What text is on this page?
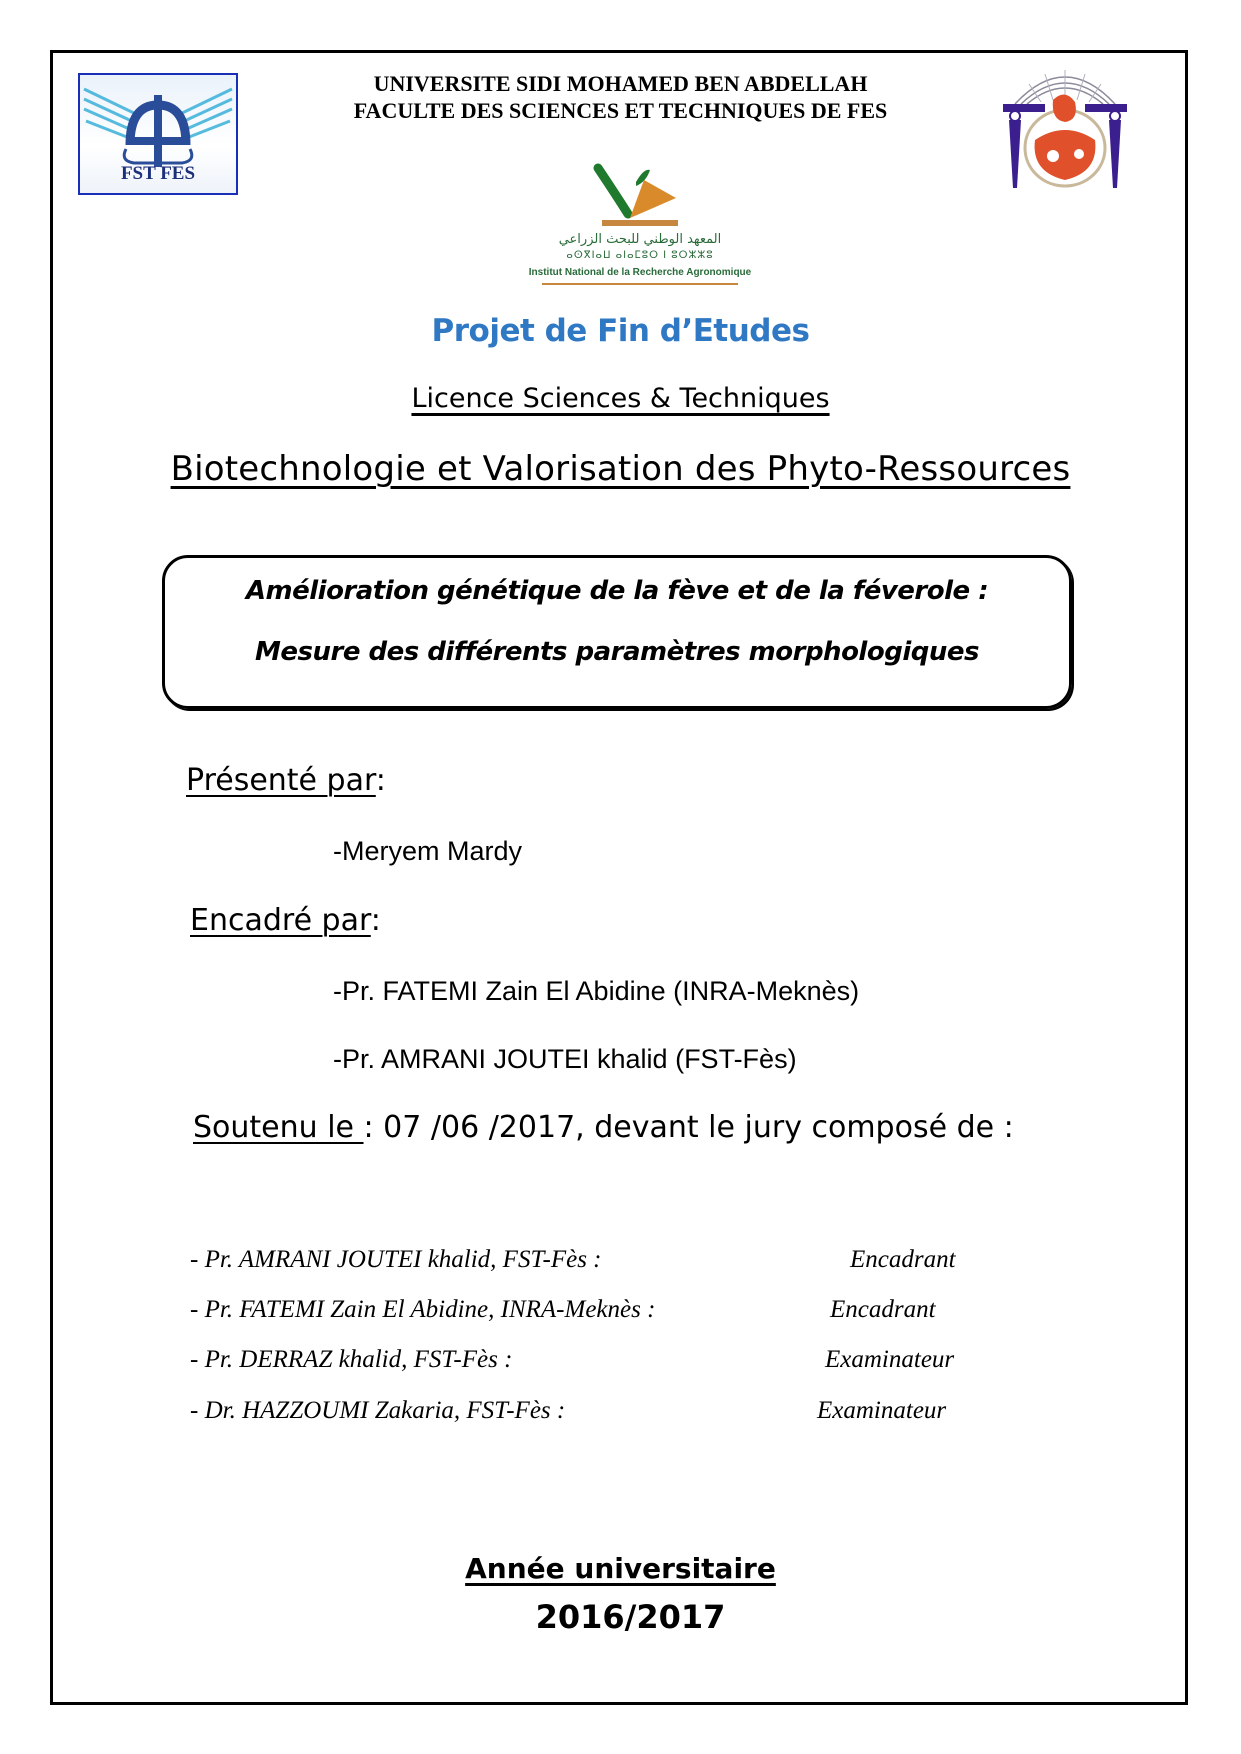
UNIVERSITE SIDI MOHAMED BEN ABDELLAH
FACULTE DES SCIENCES ET TECHNIQUES DE FES
FST FES
المعهد الوطني للبحث الزراعي
ⴰⵙⴳⵏⴰⵡ ⴰⵏⴰⵎⵓⵔ ⵏ ⵓⵔⵣⵣⵓ
Institut National de la Recherche Agronomique
Projet de Fin d’Etudes
Licence Sciences & Techniques
Biotechnologie et Valorisation des Phyto-Ressources
Amélioration génétique de la fève et de la féverole :
Mesure des différents paramètres morphologiques
Présenté par:
-Meryem Mardy
Encadré par:
-Pr. FATEMI Zain El Abidine (INRA-Meknès)
-Pr. AMRANI JOUTEI khalid (FST-Fès)
Soutenu le : 07 /06 /2017, devant le jury composé de :
- Pr. AMRANI JOUTEI khalid, FST-Fès :	Encadrant
- Pr. FATEMI Zain El Abidine, INRA-Meknès :	Encadrant
- Pr. DERRAZ khalid, FST-Fès :	Examinateur
- Dr. HAZZOUMI Zakaria, FST-Fès :	Examinateur
Année universitaire
2016/2017
